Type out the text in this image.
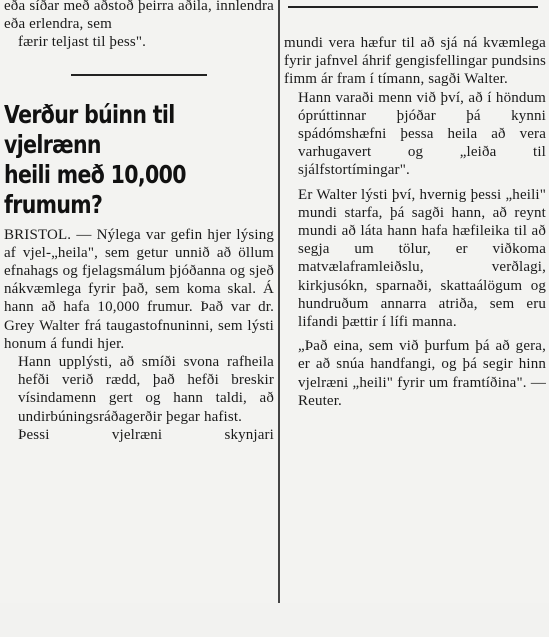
eða síðar með aðstoð þeirra aðila, innlendra eða erlendra, sem

færir teljast til þess".

Verður búinn til vjelrænn
heili með 10,000
frumum?

BRISTOL. — Nýlega var gefin hjer lýsing af vjel-„heila", sem getur unnið að öllum efnahags og fjelagsmálum þjóðanna og sjeð nákvæmlega fyrir það, sem koma skal. Á hann að hafa 10,000 frumur. Það var dr. Grey Walter frá taugastofnuninni, sem lýsti honum á fundi hjer.

Hann upplýsti, að smíði svona rafheila hefði verið rædd, það hefði breskir vísindamenn gert og hann taldi, að undirbúningsráðagerðir þegar hafist.

Þessi vjelræni skynjari

mundi vera hæfur til að sjá ná kvæmlega fyrir jafnvel áhrif gengisfellingar pundsins fimm ár fram í tímann, sagði Walter.

Hann varaði menn við því, að í höndum óprúttinnar þjóðar þá kynni spádómshæfni þessa heila að vera varhugavert og „leiða til sjálfstortímingar".

Er Walter lýsti því, hvernig þessi „heili" mundi starfa, þá sagði hann, að reynt mundi að láta hann hafa hæfileika til að segja um tölur, er viðkoma matvælaframleiðslu, verðlagi, kirkjusókn, sparnaði, skattaálögum og hundruðum annarra atriða, sem eru lifandi þættir í lífi manna.

„Það eina, sem við þurfum þá að gera, er að snúa handfangi, og þá segir hinn vjelræni „heili" fyrir um framtíðina". — Reuter.
